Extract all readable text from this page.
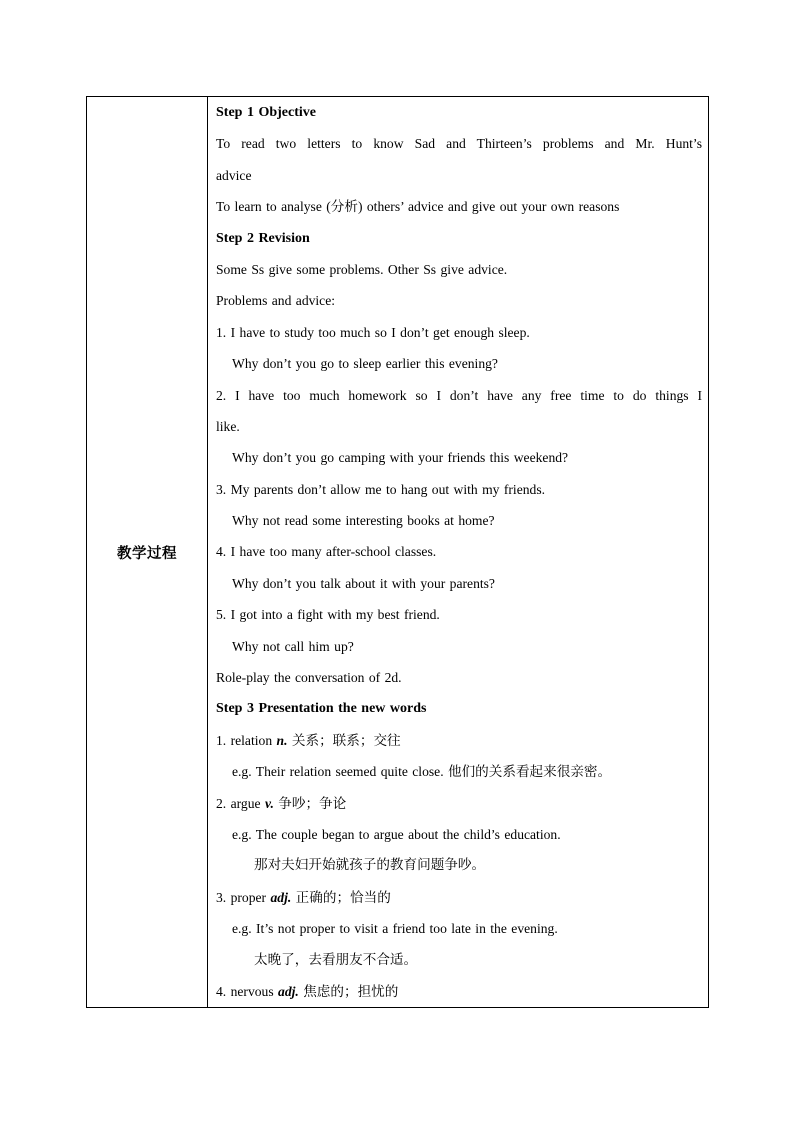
教学过程	
Step 1 Objective
To read two letters to know Sad and Thirteen’s problems and Mr. Hunt’s
advice
To learn to analyse (分析) others’ advice and give out your own reasons
Step 2 Revision
Some Ss give some problems. Other Ss give advice.
Problems and advice:
1. I have to study too much so I don’t get enough sleep.
Why don’t you go to sleep earlier this evening?
2. I have too much homework so I don’t have any free time to do things I
like.
Why don’t you go camping with your friends this weekend?
3. My parents don’t allow me to hang out with my friends.
Why not read some interesting books at home?
4. I have too many after-school classes.
Why don’t you talk about it with your parents?
5. I got into a fight with my best friend.
Why not call him up?
Role-play the conversation of 2d.
Step 3 Presentation the new words
1. relation n. 关系；联系；交往
e.g. Their relation seemed quite close. 他们的关系看起来很亲密。
2. argue v. 争吵；争论
e.g. The couple began to argue about the child’s education.
那对夫妇开始就孩子的教育问题争吵。
3. proper adj. 正确的；恰当的
e.g. It’s not proper to visit a friend too late in the evening.
太晚了，去看朋友不合适。
4. nervous adj. 焦虑的；担忧的
